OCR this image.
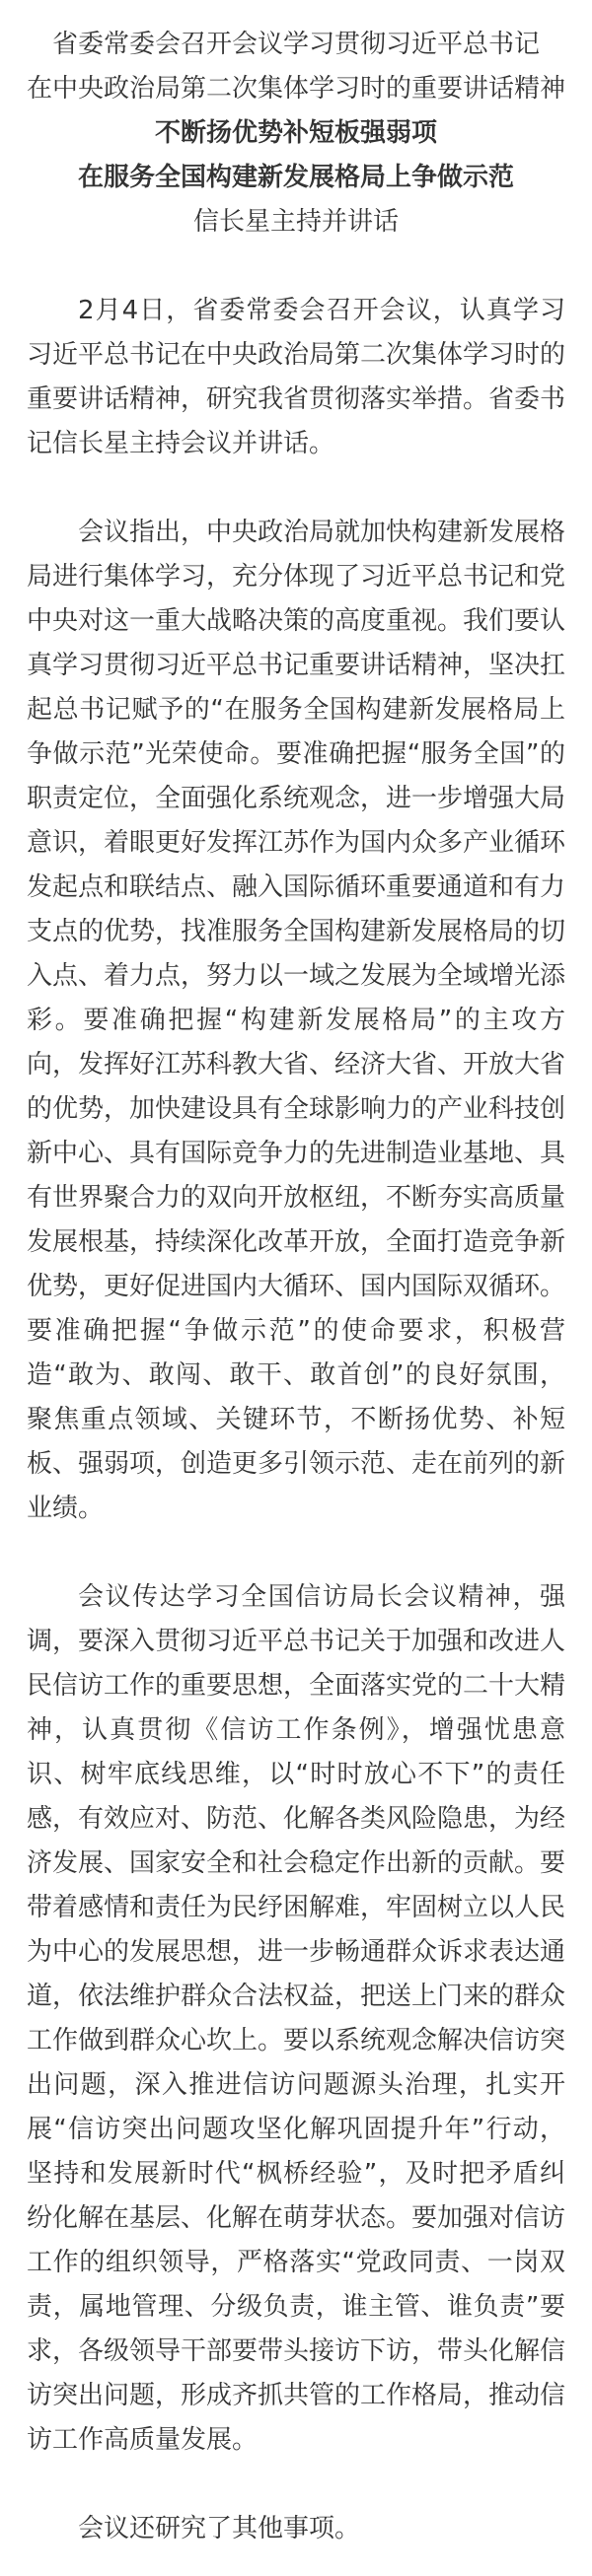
省委常委会召开会议学习贯彻习近平总书记
在中央政治局第二次集体学习时的重要讲话精神
不断扬优势补短板强弱项
在服务全国构建新发展格局上争做示范
信长星主持并讲话

2月4日，省委常委会召开会议，认真学习习近平总书记在中央政治局第二次集体学习时的重要讲话精神，研究我省贯彻落实举措。省委书记信长星主持会议并讲话。

会议指出，中央政治局就加快构建新发展格局进行集体学习，充分体现了习近平总书记和党中央对这一重大战略决策的高度重视。我们要认真学习贯彻习近平总书记重要讲话精神，坚决扛起总书记赋予的“在服务全国构建新发展格局上争做示范”光荣使命。要准确把握“服务全国”的职责定位，全面强化系统观念，进一步增强大局意识，着眼更好发挥江苏作为国内众多产业循环发起点和联结点、融入国际循环重要通道和有力支点的优势，找准服务全国构建新发展格局的切入点、着力点，努力以一域之发展为全域增光添彩。要准确把握“构建新发展格局”的主攻方向，发挥好江苏科教大省、经济大省、开放大省的优势，加快建设具有全球影响力的产业科技创新中心、具有国际竞争力的先进制造业基地、具有世界聚合力的双向开放枢纽，不断夯实高质量发展根基，持续深化改革开放，全面打造竞争新优势，更好促进国内大循环、国内国际双循环。要准确把握“争做示范”的使命要求，积极营造“敢为、敢闯、敢干、敢首创”的良好氛围，聚焦重点领域、关键环节，不断扬优势、补短板、强弱项，创造更多引领示范、走在前列的新业绩。

会议传达学习全国信访局长会议精神，强调，要深入贯彻习近平总书记关于加强和改进人民信访工作的重要思想，全面落实党的二十大精神，认真贯彻《信访工作条例》，增强忧患意识、树牢底线思维，以“时时放心不下”的责任感，有效应对、防范、化解各类风险隐患，为经济发展、国家安全和社会稳定作出新的贡献。要带着感情和责任为民纾困解难，牢固树立以人民为中心的发展思想，进一步畅通群众诉求表达通道，依法维护群众合法权益，把送上门来的群众工作做到群众心坎上。要以系统观念解决信访突出问题，深入推进信访问题源头治理，扎实开展“信访突出问题攻坚化解巩固提升年”行动，坚持和发展新时代“枫桥经验”，及时把矛盾纠纷化解在基层、化解在萌芽状态。要加强对信访工作的组织领导，严格落实“党政同责、一岗双责，属地管理、分级负责，谁主管、谁负责”要求，各级领导干部要带头接访下访，带头化解信访突出问题，形成齐抓共管的工作格局，推动信访工作高质量发展。

会议还研究了其他事项。
